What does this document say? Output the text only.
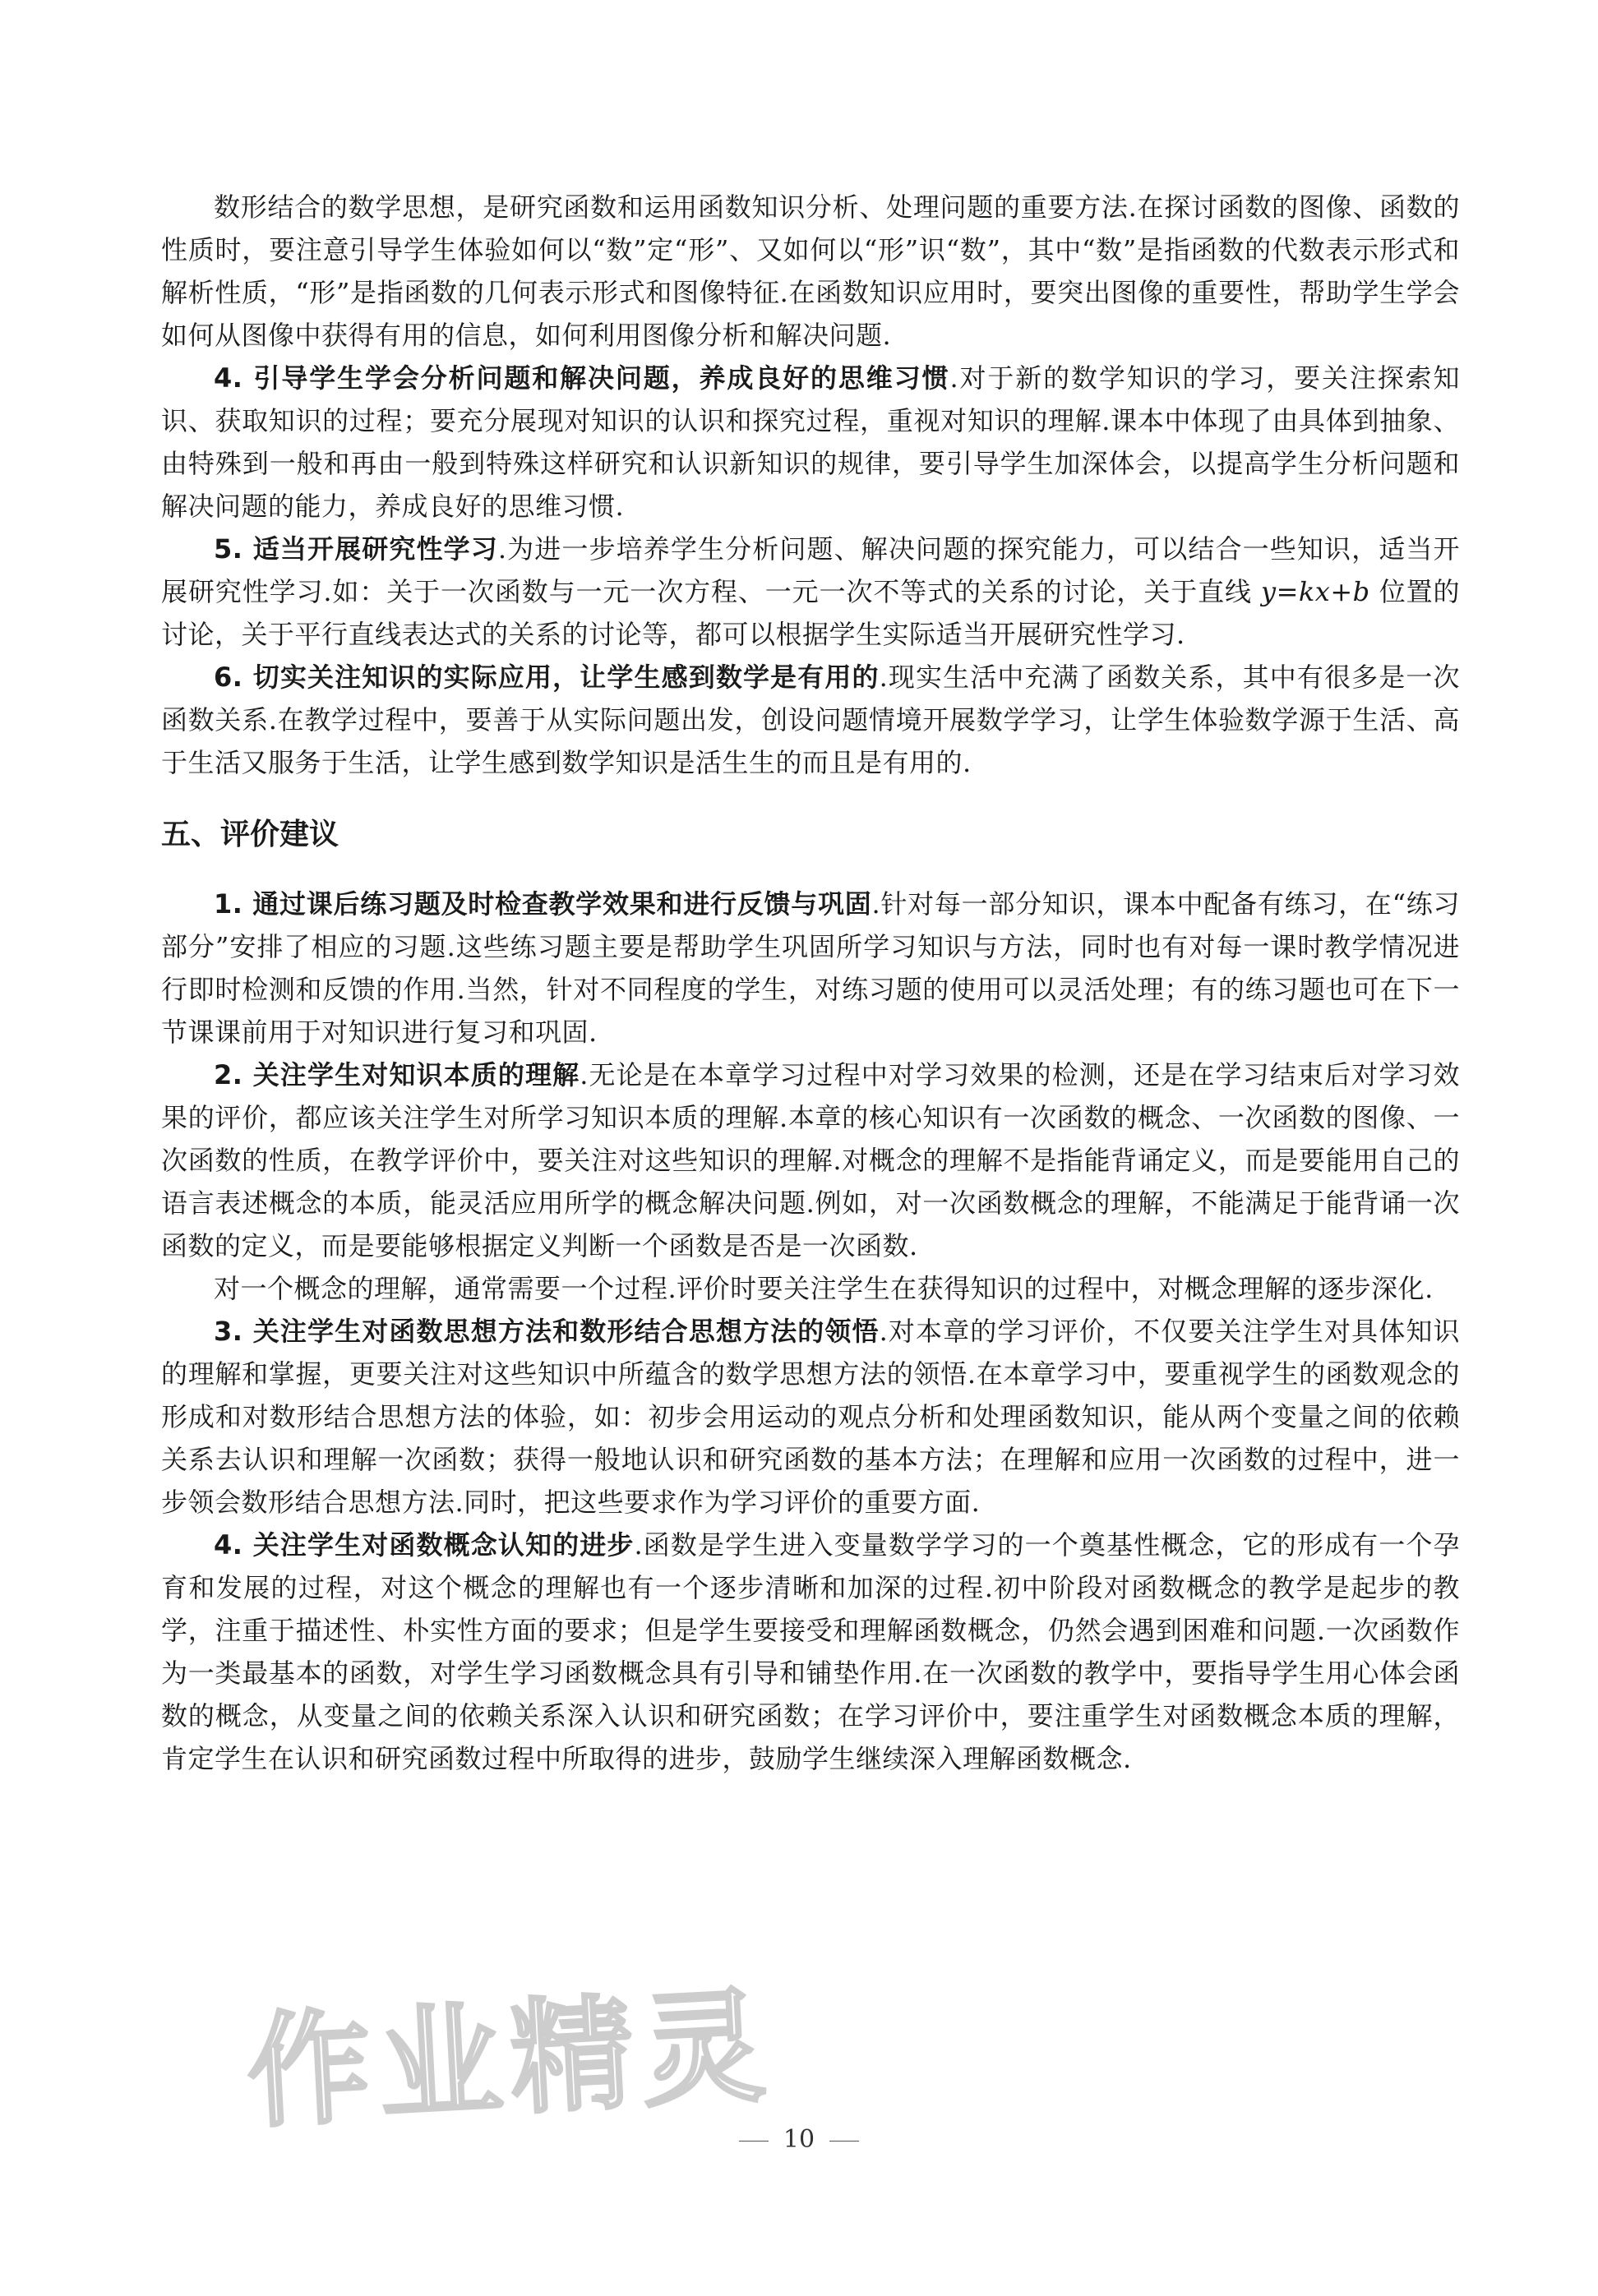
数形结合的数学思想，是研究函数和运用函数知识分析、处理问题的重要方法.在探讨函数的图像、函数的性质时，要注意引导学生体验如何以“数”定“形”、又如何以“形”识“数”，其中“数”是指函数的代数表示形式和解析性质，“形”是指函数的几何表示形式和图像特征.在函数知识应用时，要突出图像的重要性，帮助学生学会如何从图像中获得有用的信息，如何利用图像分析和解决问题.

4. 引导学生学会分析问题和解决问题，养成良好的思维习惯.对于新的数学知识的学习，要关注探索知识、获取知识的过程；要充分展现对知识的认识和探究过程，重视对知识的理解.课本中体现了由具体到抽象、由特殊到一般和再由一般到特殊这样研究和认识新知识的规律，要引导学生加深体会，以提高学生分析问题和解决问题的能力，养成良好的思维习惯.

5. 适当开展研究性学习.为进一步培养学生分析问题、解决问题的探究能力，可以结合一些知识，适当开展研究性学习.如：关于一次函数与一元一次方程、一元一次不等式的关系的讨论，关于直线 y=kx+b 位置的讨论，关于平行直线表达式的关系的讨论等，都可以根据学生实际适当开展研究性学习.

6. 切实关注知识的实际应用，让学生感到数学是有用的.现实生活中充满了函数关系，其中有很多是一次函数关系.在教学过程中，要善于从实际问题出发，创设问题情境开展数学学习，让学生体验数学源于生活、高于生活又服务于生活，让学生感到数学知识是活生生的而且是有用的.

五、评价建议

1. 通过课后练习题及时检查教学效果和进行反馈与巩固.针对每一部分知识，课本中配备有练习，在“练习部分”安排了相应的习题.这些练习题主要是帮助学生巩固所学习知识与方法，同时也有对每一课时教学情况进行即时检测和反馈的作用.当然，针对不同程度的学生，对练习题的使用可以灵活处理；有的练习题也可在下一节课课前用于对知识进行复习和巩固.

2. 关注学生对知识本质的理解.无论是在本章学习过程中对学习效果的检测，还是在学习结束后对学习效果的评价，都应该关注学生对所学习知识本质的理解.本章的核心知识有一次函数的概念、一次函数的图像、一次函数的性质，在教学评价中，要关注对这些知识的理解.对概念的理解不是指能背诵定义，而是要能用自己的语言表述概念的本质，能灵活应用所学的概念解决问题.例如，对一次函数概念的理解，不能满足于能背诵一次函数的定义，而是要能够根据定义判断一个函数是否是一次函数.

对一个概念的理解，通常需要一个过程.评价时要关注学生在获得知识的过程中，对概念理解的逐步深化.

3. 关注学生对函数思想方法和数形结合思想方法的领悟.对本章的学习评价，不仅要关注学生对具体知识的理解和掌握，更要关注对这些知识中所蕴含的数学思想方法的领悟.在本章学习中，要重视学生的函数观念的形成和对数形结合思想方法的体验，如：初步会用运动的观点分析和处理函数知识，能从两个变量之间的依赖关系去认识和理解一次函数；获得一般地认识和研究函数的基本方法；在理解和应用一次函数的过程中，进一步领会数形结合思想方法.同时，把这些要求作为学习评价的重要方面.

4. 关注学生对函数概念认知的进步.函数是学生进入变量数学学习的一个奠基性概念，它的形成有一个孕育和发展的过程，对这个概念的理解也有一个逐步清晰和加深的过程.初中阶段对函数概念的教学是起步的教学，注重于描述性、朴实性方面的要求；但是学生要接受和理解函数概念，仍然会遇到困难和问题.一次函数作为一类最基本的函数，对学生学习函数概念具有引导和铺垫作用.在一次函数的教学中，要指导学生用心体会函数的概念，从变量之间的依赖关系深入认识和研究函数；在学习评价中，要注重学生对函数概念本质的理解，肯定学生在认识和研究函数过程中所取得的进步，鼓励学生继续深入理解函数概念.

作业精灵 10
